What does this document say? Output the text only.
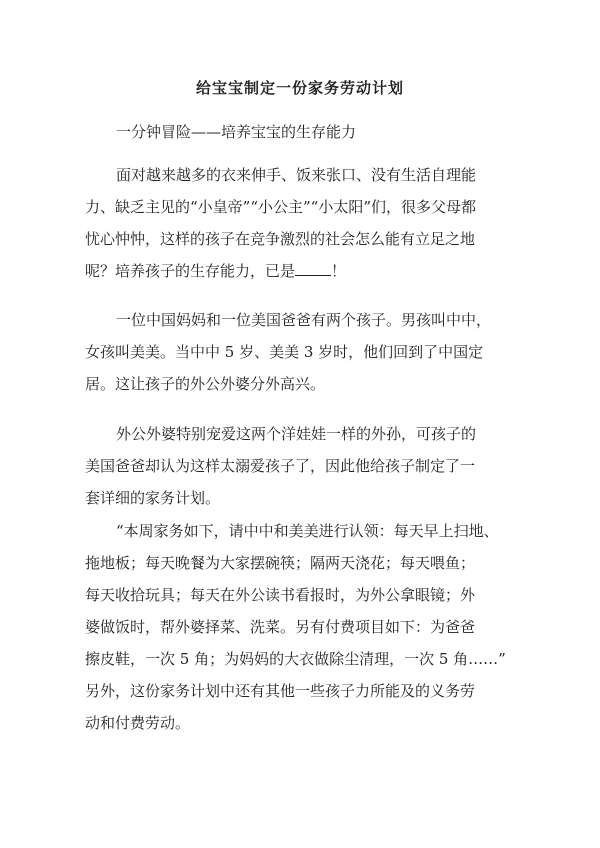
给宝宝制定一份家务劳动计划
一分钟冒险——培养宝宝的生存能力
面对越来越多的衣来伸手、饭来张口、没有生活自理能
力、缺乏主见的“小皇帝”“小公主”“小太阳”们，很多父母都
忧心忡忡，这样的孩子在竞争激烈的社会怎么能有立足之地
呢？培养孩子的生存能力，已是 ！
一位中国妈妈和一位美国爸爸有两个孩子。男孩叫中中，
女孩叫美美。当中中 5 岁、美美 3 岁时，他们回到了中国定
居。这让孩子的外公外婆分外高兴。
外公外婆特别宠爱这两个洋娃娃一样的外孙，可孩子的
美国爸爸却认为这样太溺爱孩子了，因此他给孩子制定了一
套详细的家务计划。
“本周家务如下，请中中和美美进行认领：每天早上扫地、
拖地板；每天晚餐为大家摆碗筷；隔两天浇花；每天喂鱼；
每天收拾玩具；每天在外公读书看报时，为外公拿眼镜；外
婆做饭时，帮外婆择菜、洗菜。另有付费项目如下：为爸爸
擦皮鞋，一次 5 角；为妈妈的大衣做除尘清理，一次 5 角……”
另外，这份家务计划中还有其他一些孩子力所能及的义务劳
动和付费劳动。
